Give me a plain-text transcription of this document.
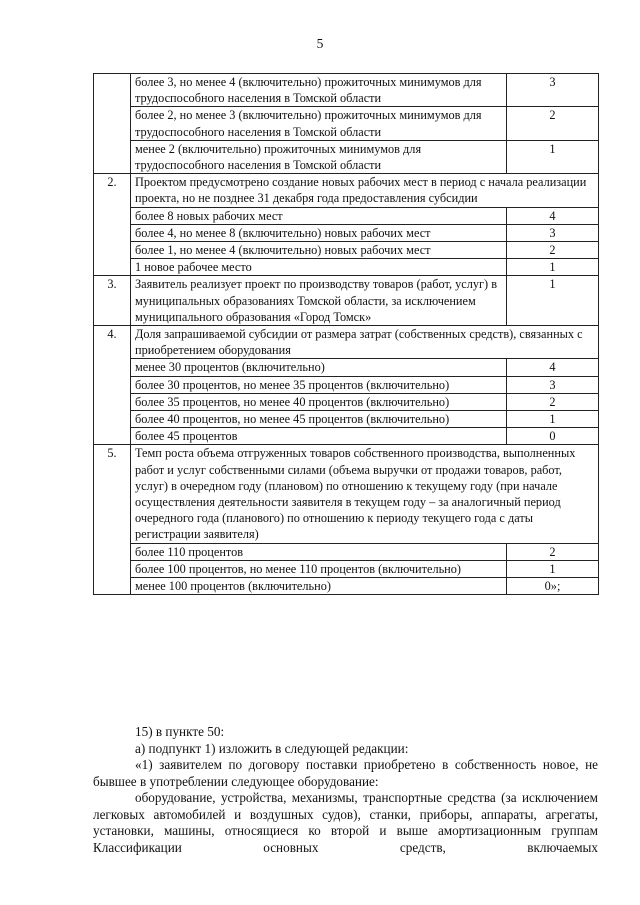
5
	более 3, но менее 4 (включительно) прожиточных минимумов для трудоспособного населения в Томской области	3
	более 2, но менее 3 (включительно) прожиточных минимумов для трудоспособного населения в Томской области	2
	менее 2 (включительно) прожиточных минимумов для трудоспособного населения в Томской области	1
2.	Проектом предусмотрено создание новых рабочих мест в период с начала реализации проекта, но не позднее 31 декабря года предоставления субсидии	
	более 8 новых рабочих мест	4
	более 4, но менее 8 (включительно) новых рабочих мест	3
	более 1, но менее 4 (включительно) новых рабочих мест	2
	1 новое рабочее место	1
3.	Заявитель реализует проект по производству товаров (работ, услуг) в муниципальных образованиях Томской области, за исключением муниципального образования «Город Томск»	1
4.	Доля запрашиваемой субсидии от размера затрат (собственных средств), связанных с приобретением оборудования	
	менее 30 процентов (включительно)	4
	более 30 процентов, но менее 35 процентов (включительно)	3
	более 35 процентов, но менее 40 процентов (включительно)	2
	более 40 процентов, но менее 45 процентов (включительно)	1
	более 45 процентов	0
5.	Темп роста объема отгруженных товаров собственного производства, выполненных работ и услуг собственными силами (объема выручки от продажи товаров, работ, услуг) в очередном году (плановом) по отношению к текущему году (при начале осуществления деятельности заявителя в текущем году – за аналогичный период очередного года (планового) по отношению к периоду текущего года с даты регистрации заявителя)	
	более 110 процентов	2
	более 100 процентов, но менее 110 процентов (включительно)	1
	менее 100 процентов (включительно)	0»;

15) в пункте 50:

а) подпункт 1) изложить в следующей редакции:

«1) заявителем по договору поставки приобретено в собственность новое, не бывшее в употреблении следующее оборудование:

оборудование, устройства, механизмы, транспортные средства (за исключением легковых автомобилей и воздушных судов), станки, приборы, аппараты, агрегаты, установки, машины, относящиеся ко второй и выше амортизационным группам Классификации основных средств, включаемых
